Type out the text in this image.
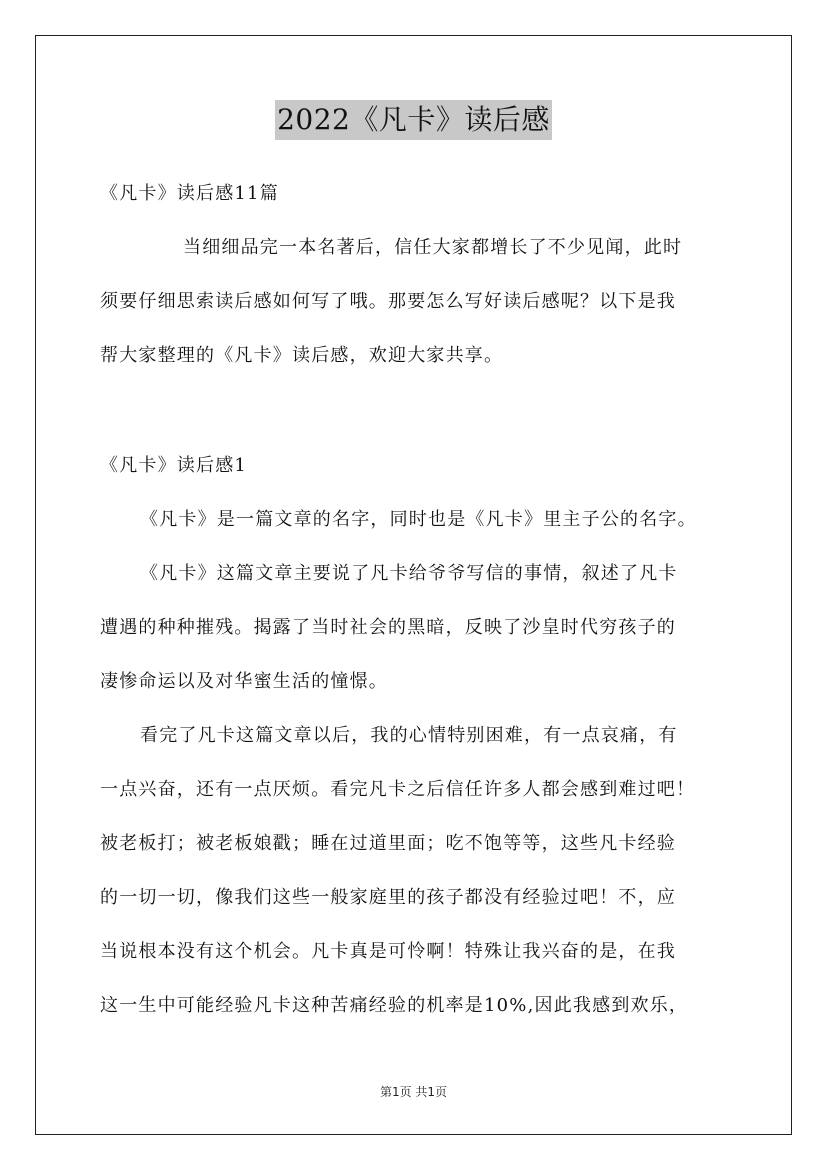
2022《凡卡》读后感
《凡卡》读后感11篇
当细细品完一本名著后，信任大家都增长了不少见闻，此时
须要仔细思索读后感如何写了哦。那要怎么写好读后感呢？以下是我
帮大家整理的《凡卡》读后感，欢迎大家共享。
《凡卡》读后感1
《凡卡》是一篇文章的名字，同时也是《凡卡》里主子公的名字。
《凡卡》这篇文章主要说了凡卡给爷爷写信的事情，叙述了凡卡
遭遇的种种摧残。揭露了当时社会的黑暗，反映了沙皇时代穷孩子的
凄惨命运以及对华蜜生活的憧憬。
看完了凡卡这篇文章以后，我的心情特别困难，有一点哀痛，有
一点兴奋，还有一点厌烦。看完凡卡之后信任许多人都会感到难过吧！
被老板打；被老板娘戳；睡在过道里面；吃不饱等等，这些凡卡经验
的一切一切，像我们这些一般家庭里的孩子都没有经验过吧！不，应
当说根本没有这个机会。凡卡真是可怜啊！特殊让我兴奋的是，在我
这一生中可能经验凡卡这种苦痛经验的机率是10%,因此我感到欢乐，
第1页 共1页
